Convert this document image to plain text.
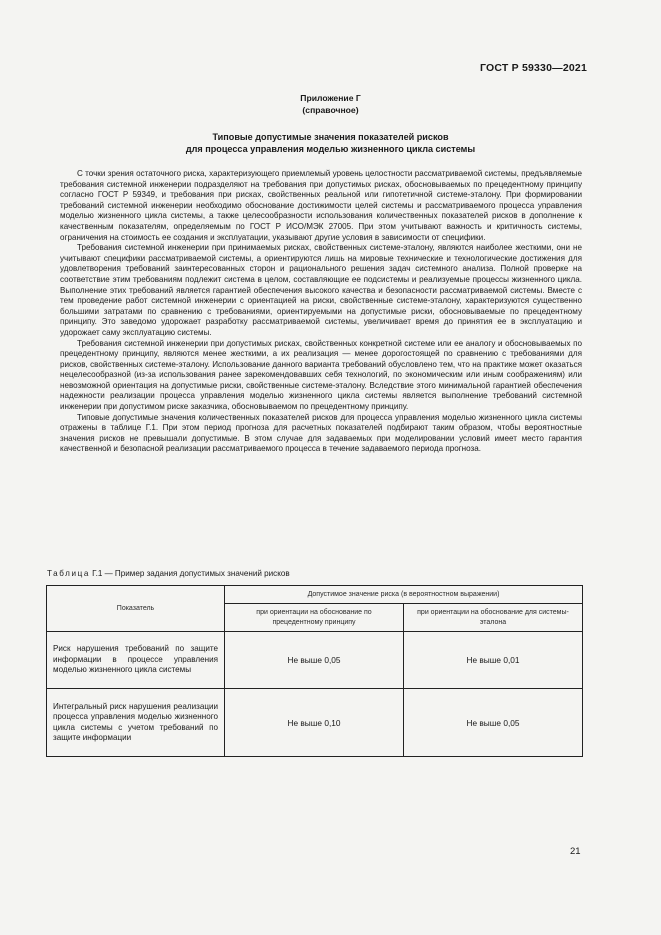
ГОСТ Р 59330—2021
Приложение Г
(справочное)
Типовые допустимые значения показателей рисков
для процесса управления моделью жизненного цикла системы

С точки зрения остаточного риска, характеризующего приемлемый уровень целостности рассматриваемой системы, предъявляемые требования системной инженерии подразделяют на требования при допустимых рисках, обосновываемых по прецедентному принципу согласно ГОСТ Р 59349, и требования при рисках, свойственных реальной или гипотетичной системе-эталону. При формировании требований системной инженерии необходимо обоснование достижимости целей системы и рассматриваемого процесса управления моделью жизненного цикла системы, а также целесообразности использования количественных показателей рисков в дополнение к качественным показателям, определяемым по ГОСТ Р ИСО/МЭК 27005. При этом учитывают важность и критичность системы, ограничения на стоимость ее создания и эксплуатации, указывают другие условия в зависимости от специфики.

Требования системной инженерии при принимаемых рисках, свойственных системе-эталону, являются наиболее жесткими, они не учитывают специфики рассматриваемой системы, а ориентируются лишь на мировые технические и технологические достижения для удовлетворения требований заинтересованных сторон и рационального решения задач системного анализа. Полной проверке на соответствие этим требованиям подлежит система в целом, составляющие ее подсистемы и реализуемые процессы жизненного цикла. Выполнение этих требований является гарантией обеспечения высокого качества и безопасности рассматриваемой системы. Вместе с тем проведение работ системной инженерии с ориентацией на риски, свойственные системе-эталону, характеризуются существенно большими затратами по сравнению с требованиями, ориентируемыми на допустимые риски, обосновываемые по прецедентному принципу. Это заведомо удорожает разработку рассматриваемой системы, увеличивает время до принятия ее в эксплуатацию и удорожает саму эксплуатацию системы.

Требования системной инженерии при допустимых рисках, свойственных конкретной системе или ее аналогу и обосновываемых по прецедентному принципу, являются менее жесткими, а их реализация — менее дорогостоящей по сравнению с требованиями для рисков, свойственных системе-эталону. Использование данного варианта требований обусловлено тем, что на практике может оказаться нецелесообразной (из-за использования ранее зарекомендовавших себя технологий, по экономическим или иным соображениям) или невозможной ориентация на допустимые риски, свойственные системе-эталону. Вследствие этого минимальной гарантией обеспечения надежности реализации процесса управления моделью жизненного цикла системы является выполнение требований системной инженерии при допустимом риске заказчика, обосновываемом по прецедентному принципу.

Типовые допустимые значения количественных показателей рисков для процесса управления моделью жизненного цикла системы отражены в таблице Г.1. При этом период прогноза для расчетных показателей подбирают таким образом, чтобы вероятностные значения рисков не превышали допустимые. В этом случае для задаваемых при моделировании условий имеет место гарантия качественной и безопасной реализации рассматриваемого процесса в течение задаваемого периода прогноза.

Таблица Г.1 — Пример задания допустимых значений рисков
Показатель	Допустимое значение риска (в вероятностном выражении)	
	при ориентации на обоснование по прецедентному принципу	при ориентации на обоснование для системы-эталона
Риск нарушения требований по защите информации в процессе управления моделью жизненного цикла системы	Не выше 0,05	Не выше 0,01
Интегральный риск нарушения реализации процесса управления моделью жизненного цикла системы с учетом требований по защите информации	Не выше 0,10	Не выше 0,05
21
